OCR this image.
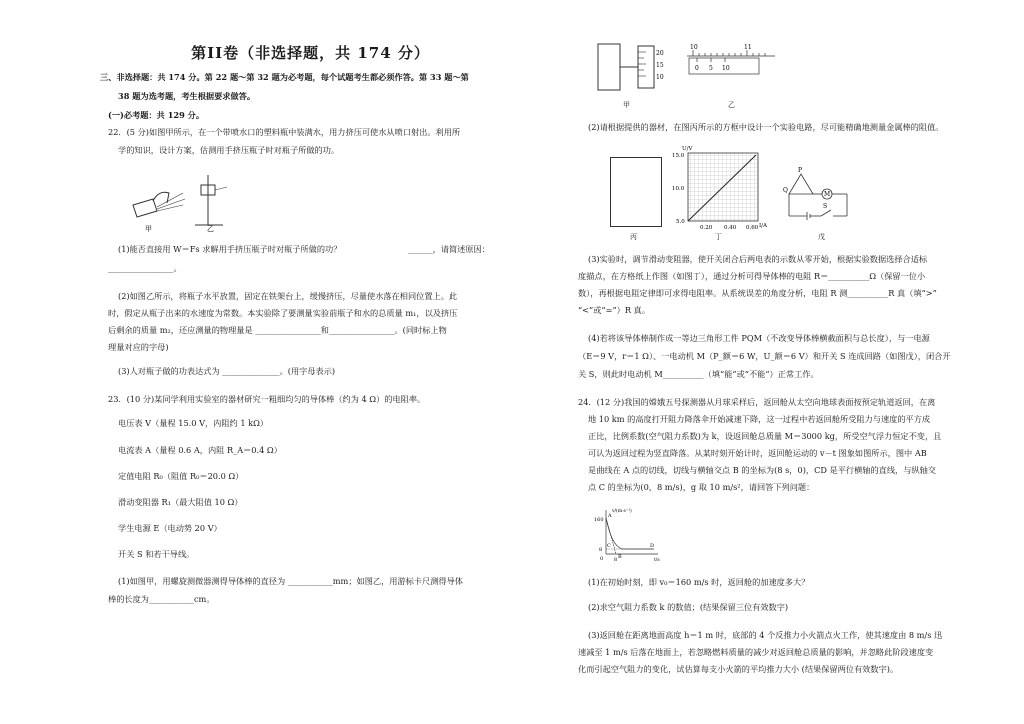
第II卷（非选择题，共 174 分）
三、非选择题：共 174 分。第 22 题～第 32 题为必考题，每个试题考生都必须作答。第 33 题～第
38 题为选考题，考生根据要求做答。
(一)必考题：共 129 分。
22．(5 分)如图甲所示，在一个带喷水口的塑料瓶中装满水，用力挤压可使水从喷口射出。利用所
学的知识，设计方案，估测用手挤压瓶子时对瓶子所做的功。
甲	乙
(1)能否直接用 W＝Fs 求解用手挤压瓶子时对瓶子所做的功？	______，请简述原因：
________________。
(2)如图乙所示，将瓶子水平放置，固定在铁架台上，缓慢挤压，尽量使水落在相同位置上。此
时，假定从瓶子出来的水速度为常数。本实验除了要测量实验前瓶子和水的总质量 m₁，以及挤压
后剩余的质量 m₂，还应测量的物理量是 ________________和________________。(同时标上物
理量对应的字母)
(3)人对瓶子做的功表达式为 ______________。(用字母表示)
23．(10 分)某同学利用实验室的器材研究一粗细均匀的导体棒（约为 4 Ω）的电阻率。
电压表 V（量程 15.0 V，内阻约 1 kΩ）
电流表 A（量程 0.6 A，内阻 R_A＝0.4 Ω）
定值电阻 R₀（阻值 R₀＝20.0 Ω）
滑动变阻器 R₁（最大阻值 10 Ω）
学生电源 E（电动势 20 V）
开关 S 和若干导线。
(1)如图甲，用螺旋测微器测得导体棒的直径为 ___________mm；如图乙，用游标卡尺测得导体
棒的长度为___________cm。
20
15
10
甲
10	11
0 5 10
乙
(2)请根据提供的器材，在图丙所示的方框中设计一个实验电路，尽可能精确地测量金属棒的阻值。
丙
U/V
I/A
15.0
10.0
5.0
0.20 0.40 0.60
丁
P
Q
M
S
戊
(3)实验时，调节滑动变阻器，使开关闭合后两电表的示数从零开始，根据实验数据选择合适标
度描点，在方格纸上作图（如图丁），通过分析可得导体棒的电阻 R＝__________Ω（保留一位小
数），再根据电阻定律即可求得电阻率。从系统误差的角度分析，电阻 R 测__________R 真（填“>”
“<”或“=”）R 真。
(4)若将该导体棒制作成一等边三角形工件 PQM（不改变导体棒横截面积与总长度），与一电源
（E＝9 V，r＝1 Ω）、一电动机 M（P_额＝6 W，U_额＝6 V）和开关 S 连成回路（如图戊），闭合开
关 S，则此时电动机 M__________（填“能”或“不能”）正常工作。
24．(12 分)我国的嫦娥五号探测器从月球采样后，返回舱从太空向地球表面按预定轨道返回，在离
地 10 km 的高度打开阻力降落伞开始减速下降，这一过程中若返回舱所受阻力与速度的平方成
正比，比例系数(空气阻力系数)为 k，设返回舱总质量 M＝3000 kg，所受空气浮力恒定不变，且
可认为返回过程为竖直降落。从某时刻开始计时，返回舱运动的 v－t 图象如图所示，图中 AB
是曲线在 A 点的切线，切线与横轴交点 B 的坐标为(8 s，0)，CD 是平行横轴的直线，与纵轴交
点 C 的坐标为(0，8 m/s)，g 取 10 m/s²，请回答下列问题：
v/(m·s⁻¹)
t/s
160
8
0 8
A
B
C	D
(1)在初始时刻，即 v₀＝160 m/s 时，返回舱的加速度多大？
(2)求空气阻力系数 k 的数值；(结果保留三位有效数字)
(3)返回舱在距离地面高度 h＝1 m 时，底部的 4 个反推力小火箭点火工作，使其速度由 8 m/s 迅
速减至 1 m/s 后落在地面上，若忽略燃料质量的减少对返回舱总质量的影响，并忽略此阶段速度变
化而引起空气阻力的变化，试估算每支小火箭的平均推力大小 (结果保留两位有效数字)。
